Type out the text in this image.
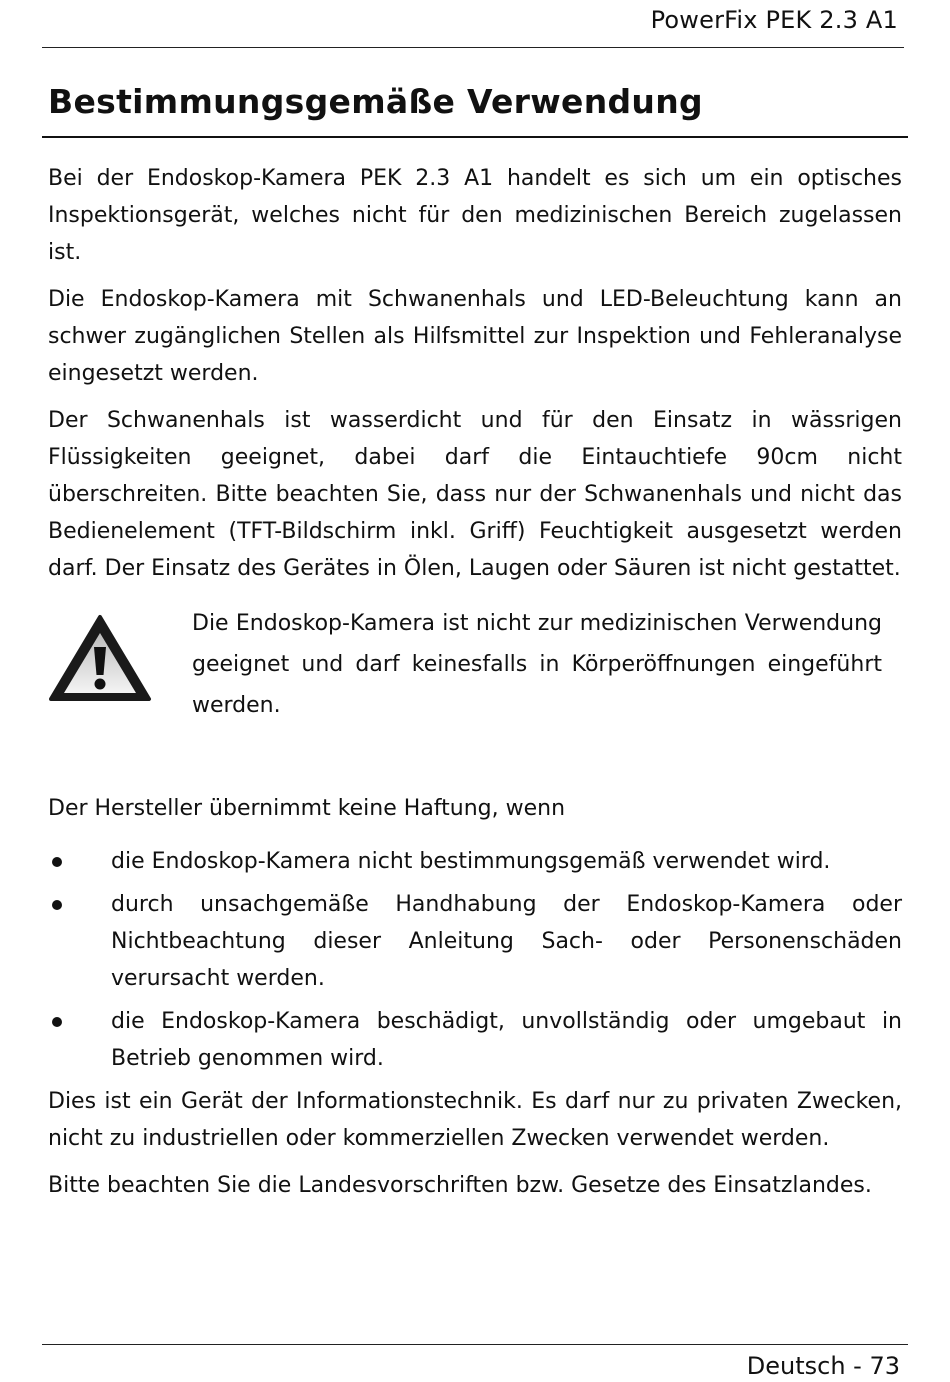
PowerFix PEK 2.3 A1
Bestimmungsgemäße Verwendung

Bei der Endoskop-Kamera PEK 2.3 A1 handelt es sich um ein optisches Inspektionsgerät, welches nicht für den medizinischen Bereich zugelassen ist.

Die Endoskop-Kamera mit Schwanenhals und LED-Beleuchtung kann an schwer zugänglichen Stellen als Hilfsmittel zur Inspektion und Fehleranalyse eingesetzt werden.

Der Schwanenhals ist wasserdicht und für den Einsatz in wässrigen Flüssigkeiten geeignet, dabei darf die Eintauchtiefe 90cm nicht überschreiten. Bitte beachten Sie, dass nur der Schwanenhals und nicht das Bedienelement (TFT-Bildschirm inkl. Griff) Feuchtigkeit ausgesetzt werden darf. Der Einsatz des Gerätes in Ölen, Laugen oder Säuren ist nicht gestattet.

Die Endoskop-Kamera ist nicht zur medizinischen Verwendung geeignet und darf keinesfalls in Körperöffnungen eingeführt werden.

Der Hersteller übernimmt keine Haftung, wenn

die Endoskop-Kamera nicht bestimmungsgemäß verwendet wird.
durch unsachgemäße Handhabung der Endoskop-Kamera oder Nichtbeachtung dieser Anleitung Sach- oder Personenschäden verursacht werden.
die Endoskop-Kamera beschädigt, unvollständig oder umgebaut in Betrieb genommen wird.

Dies ist ein Gerät der Informationstechnik. Es darf nur zu privaten Zwecken, nicht zu industriellen oder kommerziellen Zwecken verwendet werden.

Bitte beachten Sie die Landesvorschriften bzw. Gesetze des Einsatzlandes.

Deutsch - 73
